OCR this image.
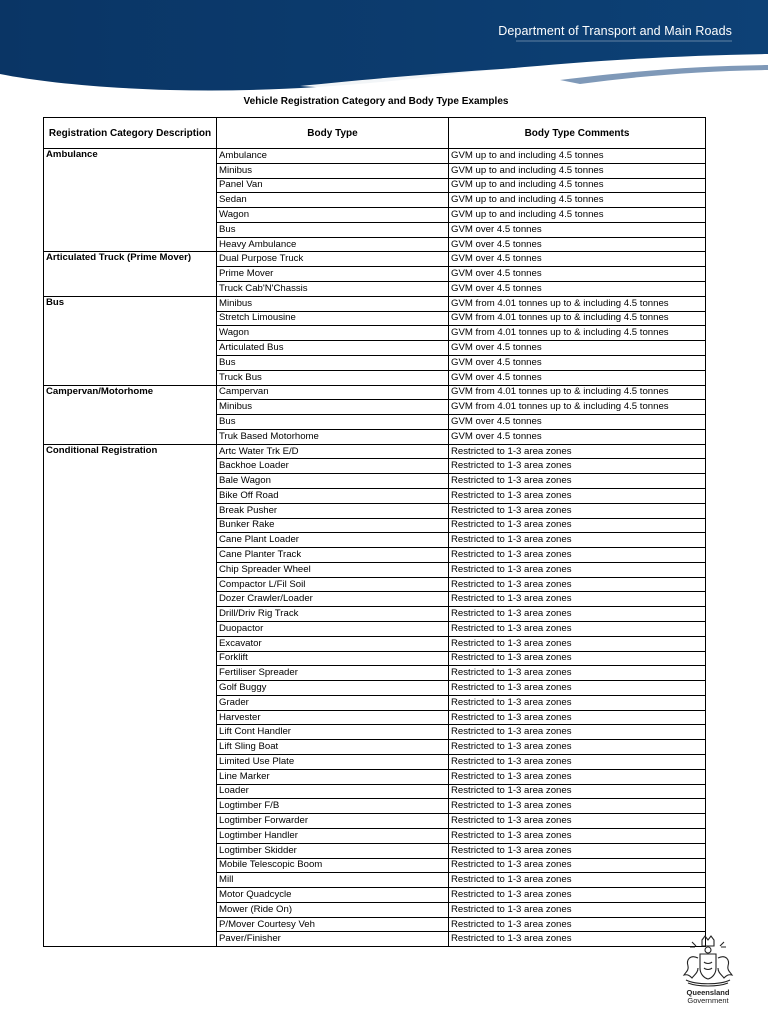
Department of Transport and Main Roads
Vehicle Registration Category and Body Type Examples
Registration Category Description	Body Type	Body Type Comments
Ambulance	Ambulance	GVM up to and including 4.5 tonnes
	Minibus	GVM up to and including 4.5 tonnes
	Panel Van	GVM up to and including 4.5 tonnes
	Sedan	GVM up to and including 4.5 tonnes
	Wagon	GVM up to and including 4.5 tonnes
	Bus	GVM over 4.5 tonnes
	Heavy Ambulance	GVM over 4.5 tonnes
Articulated Truck (Prime Mover)	Dual Purpose Truck	GVM over 4.5 tonnes
	Prime Mover	GVM over 4.5 tonnes
	Truck Cab'N'Chassis	GVM over 4.5 tonnes
Bus	Minibus	GVM from 4.01 tonnes up to & including 4.5 tonnes
	Stretch Limousine	GVM from 4.01 tonnes up to & including 4.5 tonnes
	Wagon	GVM from 4.01 tonnes up to & including 4.5 tonnes
	Articulated Bus	GVM over 4.5 tonnes
	Bus	GVM over 4.5 tonnes
	Truck Bus	GVM over 4.5 tonnes
Campervan/Motorhome	Campervan	GVM from 4.01 tonnes up to & including 4.5 tonnes
	Minibus	GVM from 4.01 tonnes up to & including 4.5 tonnes
	Bus	GVM over 4.5 tonnes
	Truk Based Motorhome	GVM over 4.5 tonnes
Conditional Registration	Artc Water Trk E/D	Restricted to 1-3 area zones
	Backhoe Loader	Restricted to 1-3 area zones
	Bale Wagon	Restricted to 1-3 area zones
	Bike Off Road	Restricted to 1-3 area zones
	Break Pusher	Restricted to 1-3 area zones
	Bunker Rake	Restricted to 1-3 area zones
	Cane Plant Loader	Restricted to 1-3 area zones
	Cane Planter Track	Restricted to 1-3 area zones
	Chip Spreader Wheel	Restricted to 1-3 area zones
	Compactor L/Fil Soil	Restricted to 1-3 area zones
	Dozer Crawler/Loader	Restricted to 1-3 area zones
	Drill/Driv Rig Track	Restricted to 1-3 area zones
	Duopactor	Restricted to 1-3 area zones
	Excavator	Restricted to 1-3 area zones
	Forklift	Restricted to 1-3 area zones
	Fertiliser Spreader	Restricted to 1-3 area zones
	Golf Buggy	Restricted to 1-3 area zones
	Grader	Restricted to 1-3 area zones
	Harvester	Restricted to 1-3 area zones
	Lift Cont Handler	Restricted to 1-3 area zones
	Lift Sling Boat	Restricted to 1-3 area zones
	Limited Use Plate	Restricted to 1-3 area zones
	Line Marker	Restricted to 1-3 area zones
	Loader	Restricted to 1-3 area zones
	Logtimber F/B	Restricted to 1-3 area zones
	Logtimber Forwarder	Restricted to 1-3 area zones
	Logtimber Handler	Restricted to 1-3 area zones
	Logtimber Skidder	Restricted to 1-3 area zones
	Mobile Telescopic Boom	Restricted to 1-3 area zones
	Mill	Restricted to 1-3 area zones
	Motor Quadcycle	Restricted to 1-3 area zones
	Mower (Ride On)	Restricted to 1-3 area zones
	P/Mover Courtesy Veh	Restricted to 1-3 area zones
	Paver/Finisher	Restricted to 1-3 area zones
Queensland
Government
